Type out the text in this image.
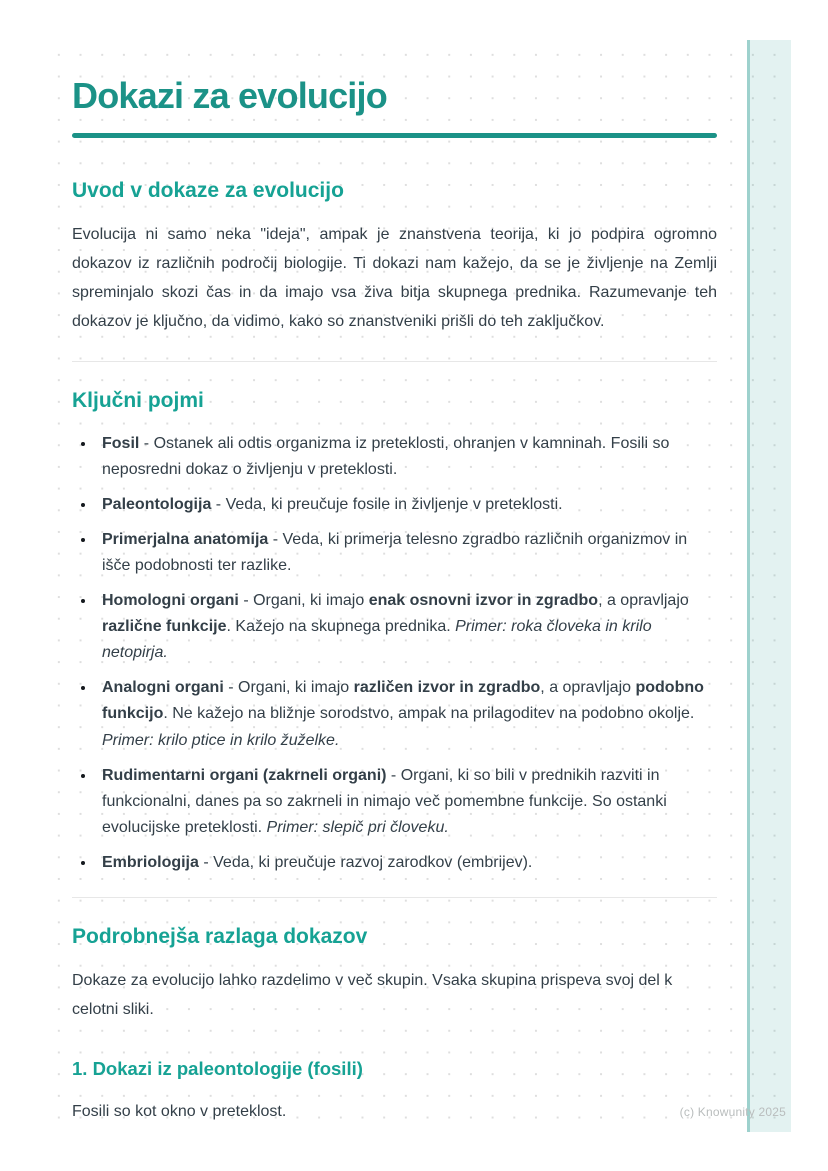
Dokazi za evolucijo
Uvod v dokaze za evolucijo

Evolucija ni samo neka "ideja", ampak je znanstvena teorija, ki jo podpira ogromno dokazov iz različnih področij biologije. Ti dokazi nam kažejo, da se je življenje na Zemlji spreminjalo skozi čas in da imajo vsa živa bitja skupnega prednika. Razumevanje teh dokazov je ključno, da vidimo, kako so znanstveniki prišli do teh zaključkov.

Ključni pojmi
• Fosil - Ostanek ali odtis organizma iz preteklosti, ohranjen v kamninah. Fosili so neposredni dokaz o življenju v preteklosti.
• Paleontologija - Veda, ki preučuje fosile in življenje v preteklosti.
• Primerjalna anatomija - Veda, ki primerja telesno zgradbo različnih organizmov in išče podobnosti ter razlike.
• Homologni organi - Organi, ki imajo enak osnovni izvor in zgradbo, a opravljajo različne funkcije. Kažejo na skupnega prednika. Primer: roka človeka in krilo netopirja.
• Analogni organi - Organi, ki imajo različen izvor in zgradbo, a opravljajo podobno funkcijo. Ne kažejo na bližnje sorodstvo, ampak na prilagoditev na podobno okolje. Primer: krilo ptice in krilo žuželke.
• Rudimentarni organi (zakrneli organi) - Organi, ki so bili v prednikih razviti in funkcionalni, danes pa so zakrneli in nimajo več pomembne funkcije. So ostanki evolucijske preteklosti. Primer: slepič pri človeku.
• Embriologija - Veda, ki preučuje razvoj zarodkov (embrijev).
Podrobnejša razlaga dokazov

Dokaze za evolucijo lahko razdelimo v več skupin. Vsaka skupina prispeva svoj del k celotni sliki.

1. Dokazi iz paleontologije (fosili)

Fosili so kot okno v preteklost.	(c) Knowunity 2025
